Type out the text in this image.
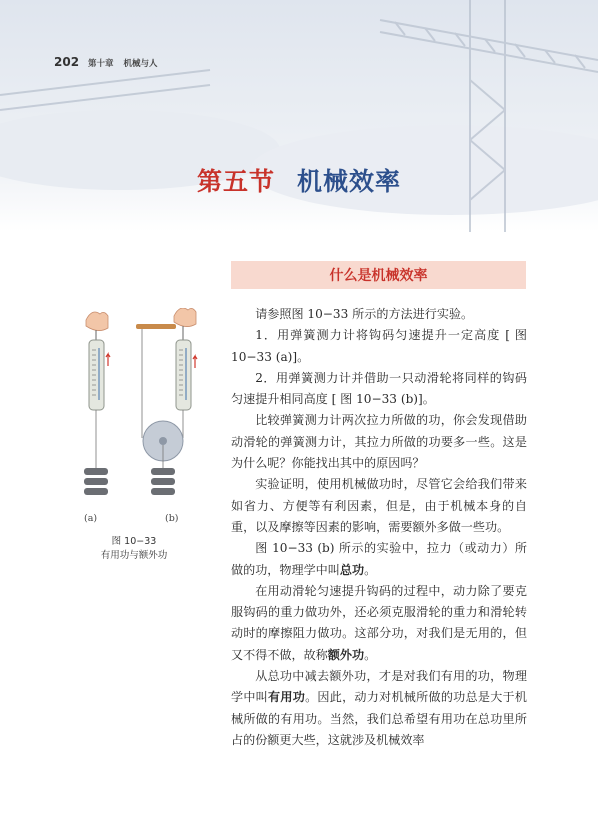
202 第十章 机械与人
第五节 机械效率
什么是机械效率
(a)	(b)
图 10−33
有用功与额外功

请参照图 10−33 所示的方法进行实验。

1．用弹簧测力计将钩码匀速提升一定高度 [ 图 10−33 (a)]。

2．用弹簧测力计并借助一只动滑轮将同样的钩码匀速提升相同高度 [ 图 10−33 (b)]。

比较弹簧测力计两次拉力所做的功，你会发现借助动滑轮的弹簧测力计，其拉力所做的功要多一些。这是为什么呢？你能找出其中的原因吗？

实验证明，使用机械做功时，尽管它会给我们带来如省力、方便等有利因素，但是，由于机械本身的自重，以及摩擦等因素的影响，需要额外多做一些功。

图 10−33 (b) 所示的实验中，拉力（或动力）所做的功，物理学中叫总功。

在用动滑轮匀速提升钩码的过程中，动力除了要克服钩码的重力做功外，还必须克服滑轮的重力和滑轮转动时的摩擦阻力做功。这部分功，对我们是无用的，但又不得不做，故称额外功。

从总功中减去额外功，才是对我们有用的功，物理学中叫有用功。因此，动力对机械所做的功总是大于机械所做的有用功。当然，我们总希望有用功在总功里所占的份额更大些，这就涉及机械效率
